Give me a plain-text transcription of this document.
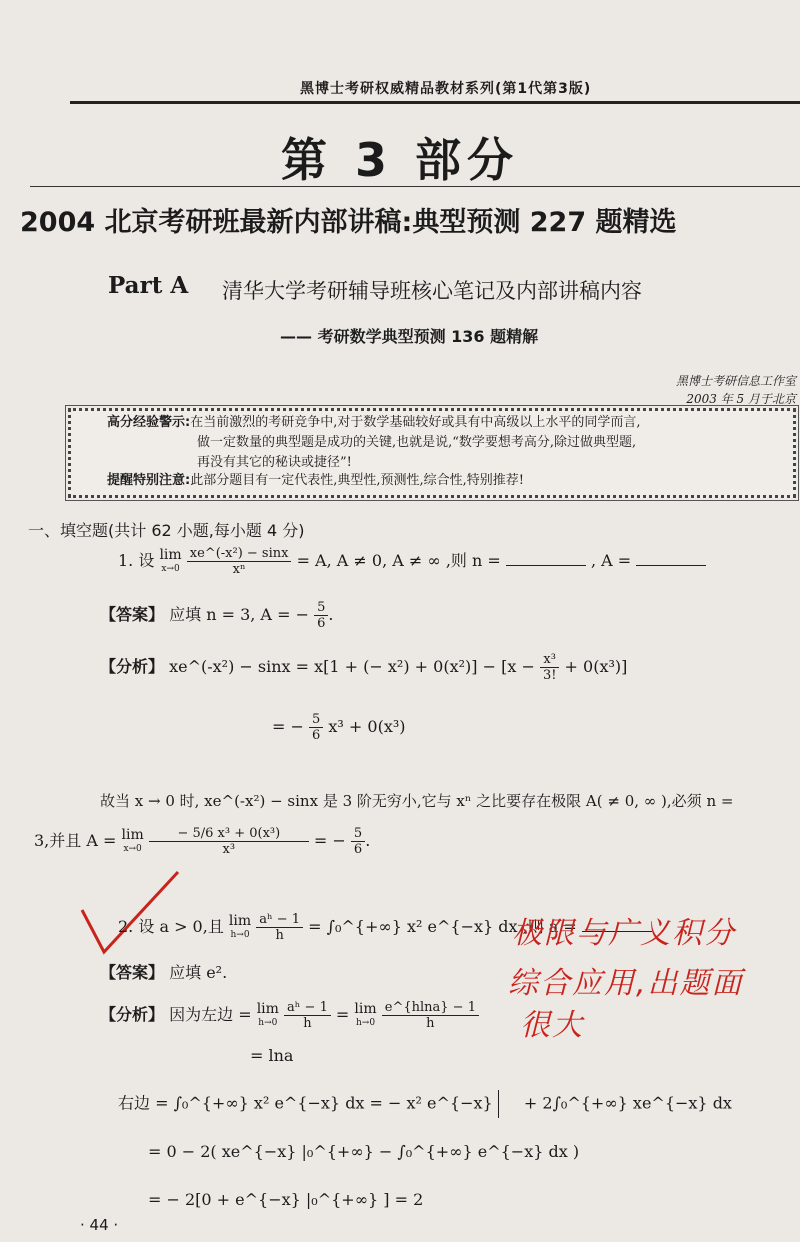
黑博士考研权威精品教材系列(第1代第3版)
第 3 部分
2004 北京考研班最新内部讲稿:典型预测 227 题精选
Part A 清华大学考研辅导班核心笔记及内部讲稿内容
—— 考研数学典型预测 136 题精解
黑博士考研信息工作室
2003 年 5 月于北京
高分经验警示:在当前激烈的考研竞争中,对于数学基础较好或具有中高级以上水平的同学而言,
做一定数量的典型题是成功的关键,也就是说,“数学要想考高分,除过做典型题,
再没有其它的秘诀或捷径”!
提醒特别注意:此部分题目有一定代表性,典型性,预测性,综合性,特别推荐!
一、填空题(共计 62 小题,每小题 4 分)
1. 设 lim
$x\to 0 \frac{\text{xe\textasciicircum{}(-x²) − sinx}}{\text{xⁿ}} = A$, A ≠ 0, A ≠ ∞ ,则 n =	, A =
【答案】 应填 n = 3, A = − $\frac{5}{6}$ .
【分析】 xe^(-x²) − sinx = x[1 + (− $x^2) + 0(x^2)] - [x - \frac{\text{x³}}{3!} + 0(x^3)]$
= − $\frac{5}{6} x^3 + 0(x^3)$
故当 x → 0 时, xe^(-x²) − sinx 是 3 阶无穷小,它与 xⁿ 之比要存在极限 A( ≠ 0, ∞ ),必须 n =
3,并且 A = lim
$x\to 0 \frac{\text{− 5/6 x³ + 0(x³)}}{\text{x³}}$ = − $\frac{5}{6}$ .
2. 设 a > 0,且 lim
$h\to 0 \frac{\text{aʰ − 1}}{h}$ = ∫₀^{+∞} x² e^{−x} dx ,则 a =
【答案】 应填 e².
【分析】 因为左边 = lim
$h\to 0 \frac{\text{aʰ − 1}}{h} = \lim$
$h\to 0 \frac{e\^{}\{hlna\} - 1}{h}$
= lna
右边 = ∫₀^{+∞} x² e^{−x} dx = − x² e^{−x} + 2∫₀^{+∞} xe^{−x} dx
= 0 − 2( xe^{−x} |₀^{+∞} − ∫₀^{+∞} e^{−x} dx )
= − 2[0 + e^{−x} |₀^{+∞} ] = 2
极限与广义积分
综合应用,出题面
很大
· 44 ·
